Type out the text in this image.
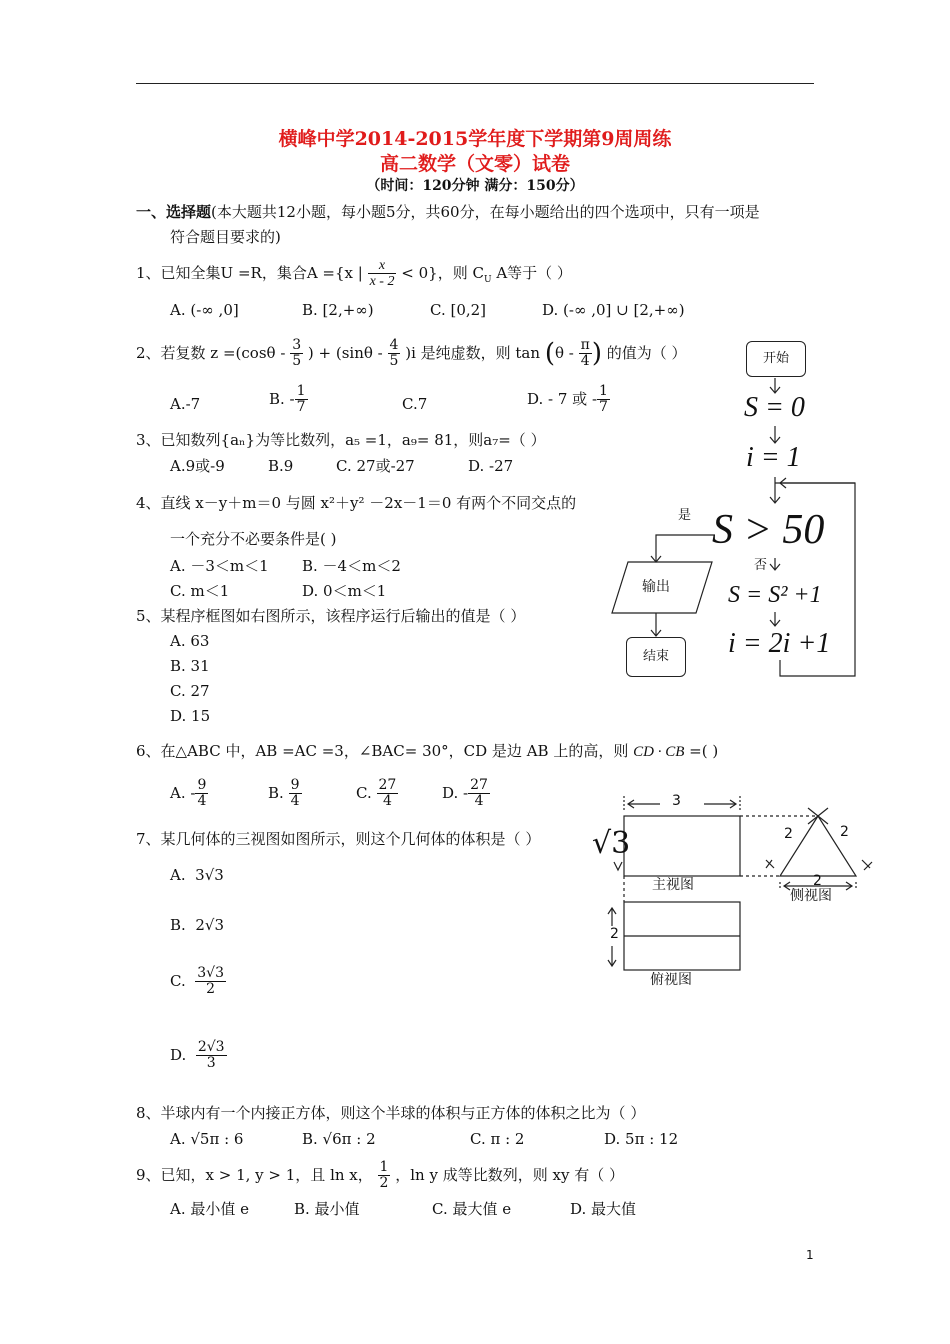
横峰中学2014-2015学年度下学期第9周周练
高二数学（文零）试卷
（时间：120分钟 满分：150分）
一、选择题(本大题共12小题，每小题5分，共60分，在每小题给出的四个选项中，只有一项是
符合题目要求的)
1、已知全集U =R，集合A ={x | $\frac{x}{x - 2} < 0$}，则 $C_U$ A等于（ ）
A. (-∞ ,0]	B. [2,+∞)	C. [0,2]	D. (-∞ ,0] ∪ [2,+∞)
2、若复数 $z =(\cos\theta - \frac{3}{5}$ ) + $(\sin\theta - \frac{4}{5} )i$ 是纯虚数，则 $\tan (\theta - \frac{\pi}{4}$ ) 的值为（ ）
A.-7	B. - $\frac{1}{7}$	C.7	D. - 7 或 - $\frac{1}{7}$
3、已知数列{aₙ}为等比数列，a₅ =1，a₉= 81，则a₇=（ ）
A.9或-9	B.9	C. 27或-27	D. -27
4、直线 x－y＋m＝0 与圆 x²＋y² －2x－1＝0 有两个不同交点的
一个充分不必要条件是( )
A. －3＜m＜1 B. －4＜m＜2
C. m＜1	D. 0＜m＜1
5、某程序框图如右图所示，该程序运行后输出的值是（ ）
A. 63
B. 31
C. 27
D. 15
开始
S = 0
i = 1
S > 50
是
否
输出 S = S² +1
i = 2i +1
结束
6、在△ABC 中，AB =AC =3，∠BAC= 30°，CD 是边 AB 上的高，则 CD · CB =( )
A. - $\frac{9}{4}$	B. $\frac{9}{4}$	C. $\frac{27}{4}$	D. - $\frac{27}{4}$
7、某几何体的三视图如图所示，则这个几何体的体积是（ ）
A. 3√3
B. 2√3
C. $\frac{3√3}{2}$
D. $\frac{2√3}{3}$
3
√3	2	2
2
主视图
侧视图
2
俯视图
8、半球内有一个内接正方体，则这个半球的体积与正方体的体积之比为（ ）
A. √5π : 6	B. √6π : 2	C. π : 2	D. 5π : 12
9、已知，x > 1, y > 1，且 ln x， $\frac{1}{2}$ ，ln y 成等比数列，则 xy 有（ ）
A. 最小值 e	B. 最小值	C. 最大值 e	D. 最大值
1
